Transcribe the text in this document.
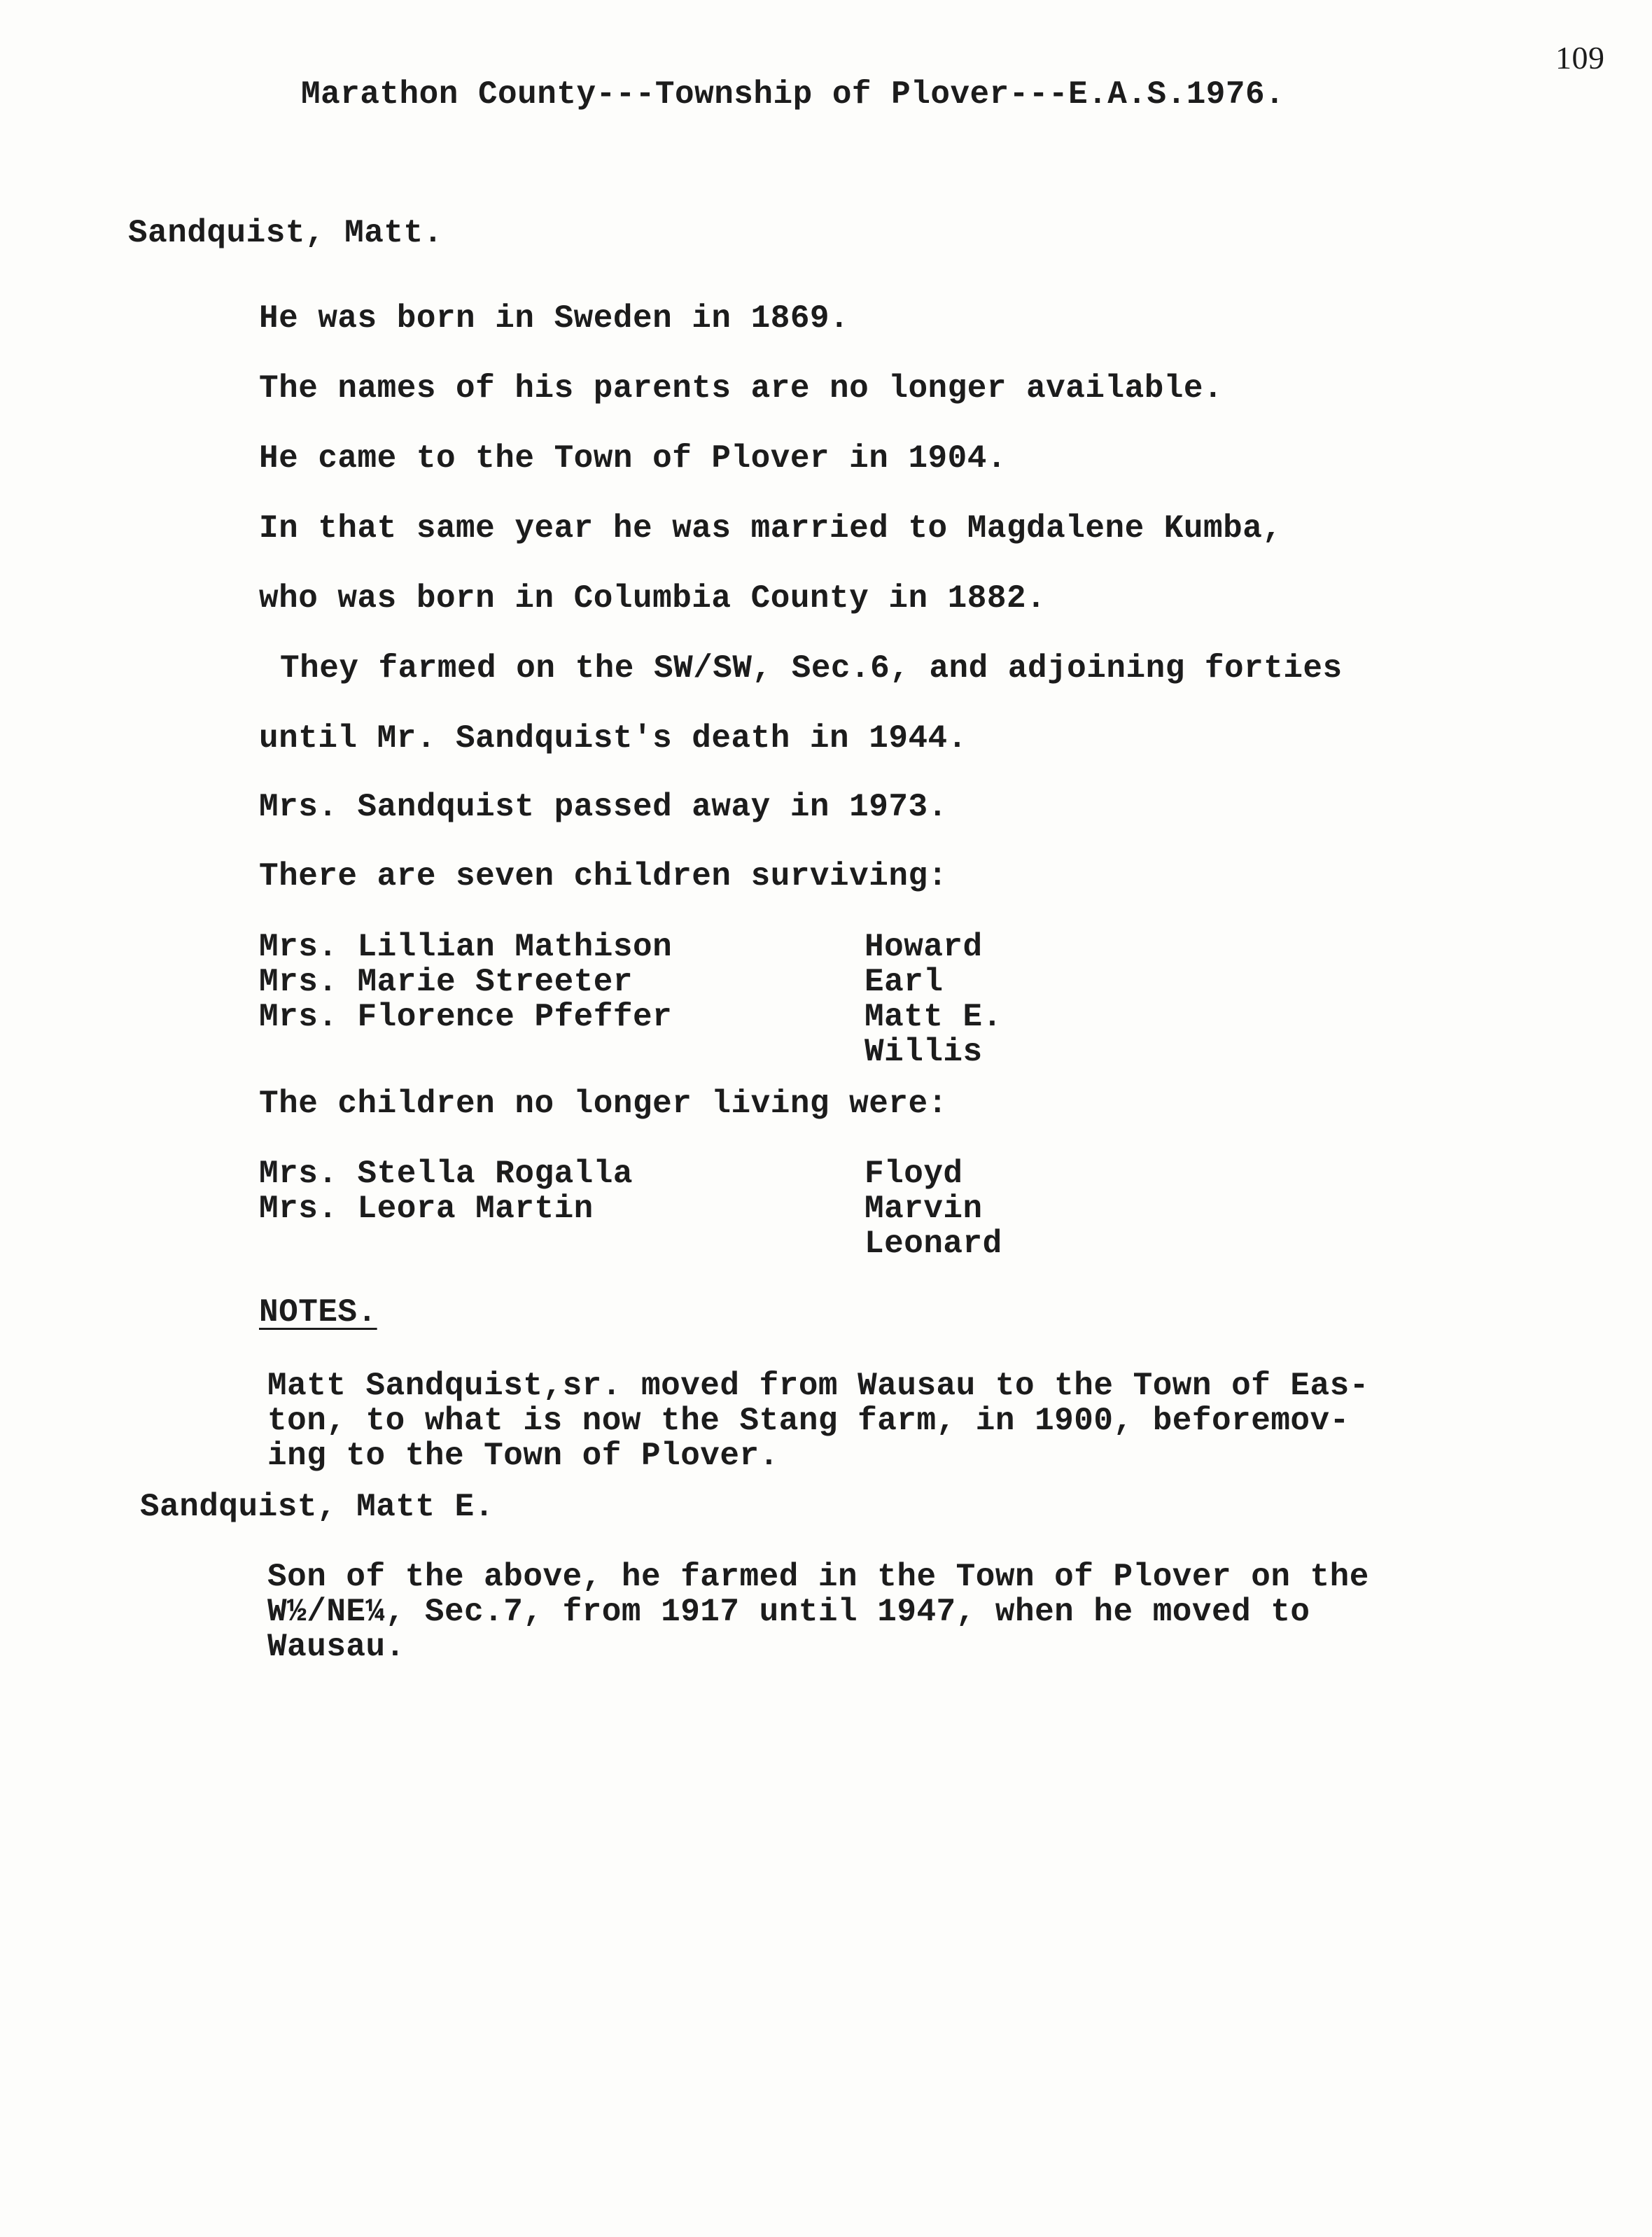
109
Marathon County---Township of Plover---E.A.S.1976.
Sandquist, Matt.
He was born in Sweden in 1869.
The names of his parents are no longer available.
He came to the Town of Plover in 1904.
In that same year he was married to Magdalene Kumba,
who was born in Columbia County in 1882.
They farmed on the SW/SW, Sec.6, and adjoining forties
until Mr. Sandquist's death in 1944.
Mrs. Sandquist passed away in 1973.
There are seven children surviving:
Mrs. Lillian Mathison	Howard
Mrs. Marie Streeter	Earl
Mrs. Florence Pfeffer	Matt E.
Willis
The children no longer living were:
Mrs. Stella Rogalla	Floyd
Mrs. Leora Martin	Marvin
Leonard
NOTES.
Matt Sandquist,sr. moved from Wausau to the Town of Eas-
ton, to what is now the Stang farm, in 1900, beforemov-
ing to the Town of Plover.
Sandquist, Matt E.
Son of the above, he farmed in the Town of Plover on the
W½/NE¼, Sec.7, from 1917 until 1947, when he moved to
Wausau.
